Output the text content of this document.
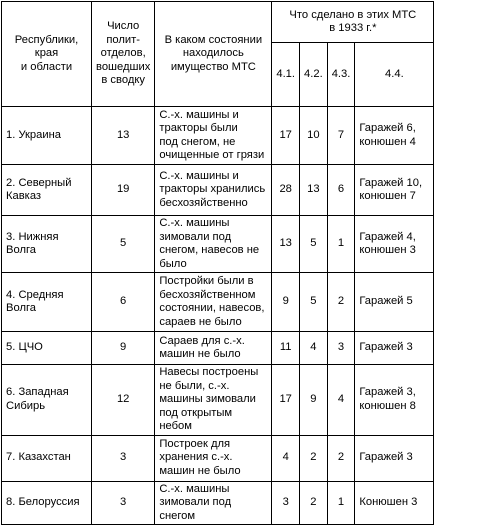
Республики,
края
и области	Число
полит-
отделов,
вошедших
в сводку	В каком состоянии
находилось
имущество МТС	Что сделано в этих МТС
в 1933 г.*			

			4.1.	4.2.	4.3.	4.4.

1. Украина	13	С.-х. машины и
тракторы были
под снегом, не
очищенные от грязи	17	10	7	Гаражей 6,
конюшен 4

2. Северный
Кавказ	19	С.-х. машины и
тракторы хранились
бесхозяйственно	28	13	6	Гаражей 10,
конюшен 7

3. Нижняя
Волга	5	С.-х. машины
зимовали под
снегом, навесов не
было	13	5	1	Гаражей 4,
конюшен 3

4. Средняя
Волга	6	Постройки были в
бесхозяйственном
состоянии, навесов,
сараев не было	9	5	2	Гаражей 5

5. ЦЧО	9	Сараев для с.-х.
машин не было	11	4	3	Гаражей 3

6. Западная
Сибирь	12	Навесы построены
не были, с.-х.
машины зимовали
под открытым небом	17	9	4	Гаражей 3,
конюшен 8

7. Казахстан	3	Построек для
хранения с.-х.
машин не было	4	2	2	Гаражей 3

8. Белоруссия	3	С.-х. машины
зимовали под снегом	3	2	1	Конюшен 3
